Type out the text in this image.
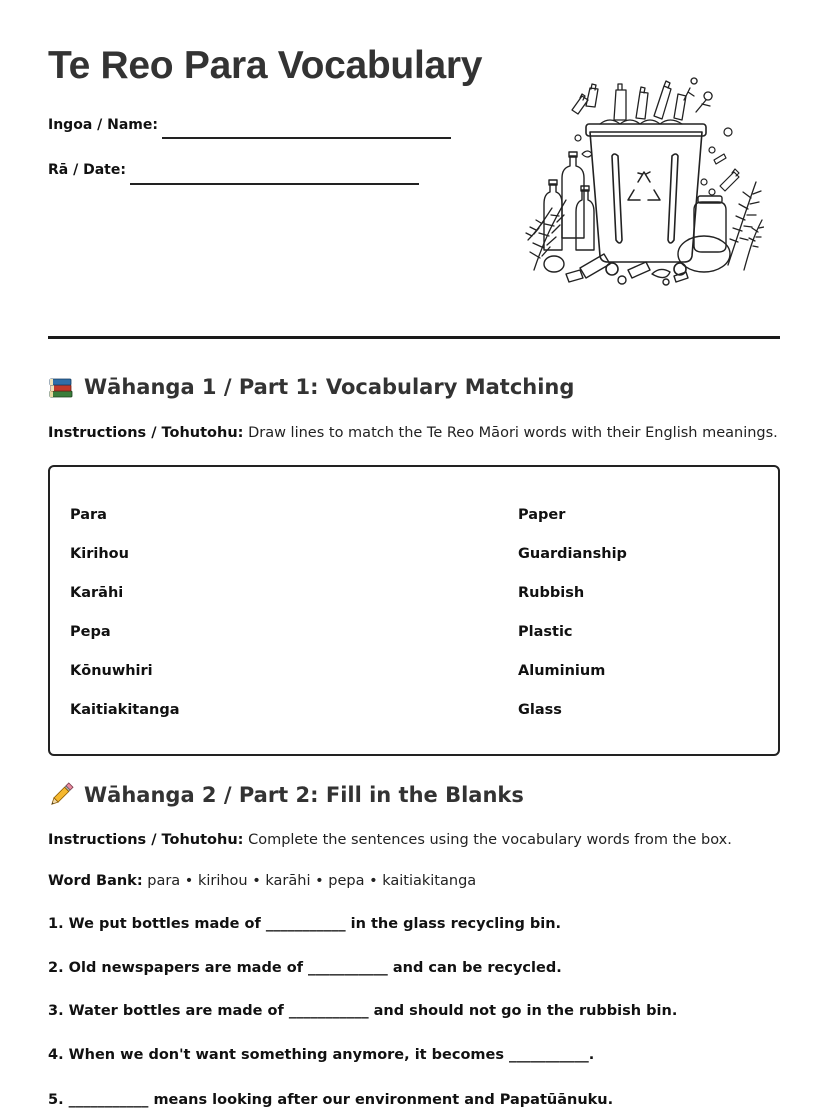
Te Reo Para Vocabulary
Ingoa / Name:
Rā / Date:
Wāhanga 1 / Part 1: Vocabulary Matching
Instructions / Tohutohu: Draw lines to match the Te Reo Māori words with their English meanings.
Para
Kirihou
Karāhi
Pepa
Kōnuwhiri
Kaitiakitanga
Paper
Guardianship
Rubbish
Plastic
Aluminium
Glass
Wāhanga 2 / Part 2: Fill in the Blanks
Instructions / Tohutohu: Complete the sentences using the vocabulary words from the box.
Word Bank: para • kirihou • karāhi • pepa • kaitiakitanga
1. We put bottles made of ___________ in the glass recycling bin.
2. Old newspapers are made of ___________ and can be recycled.
3. Water bottles are made of ___________ and should not go in the rubbish bin.
4. When we don't want something anymore, it becomes ___________.
5. ___________ means looking after our environment and Papatūānuku.
